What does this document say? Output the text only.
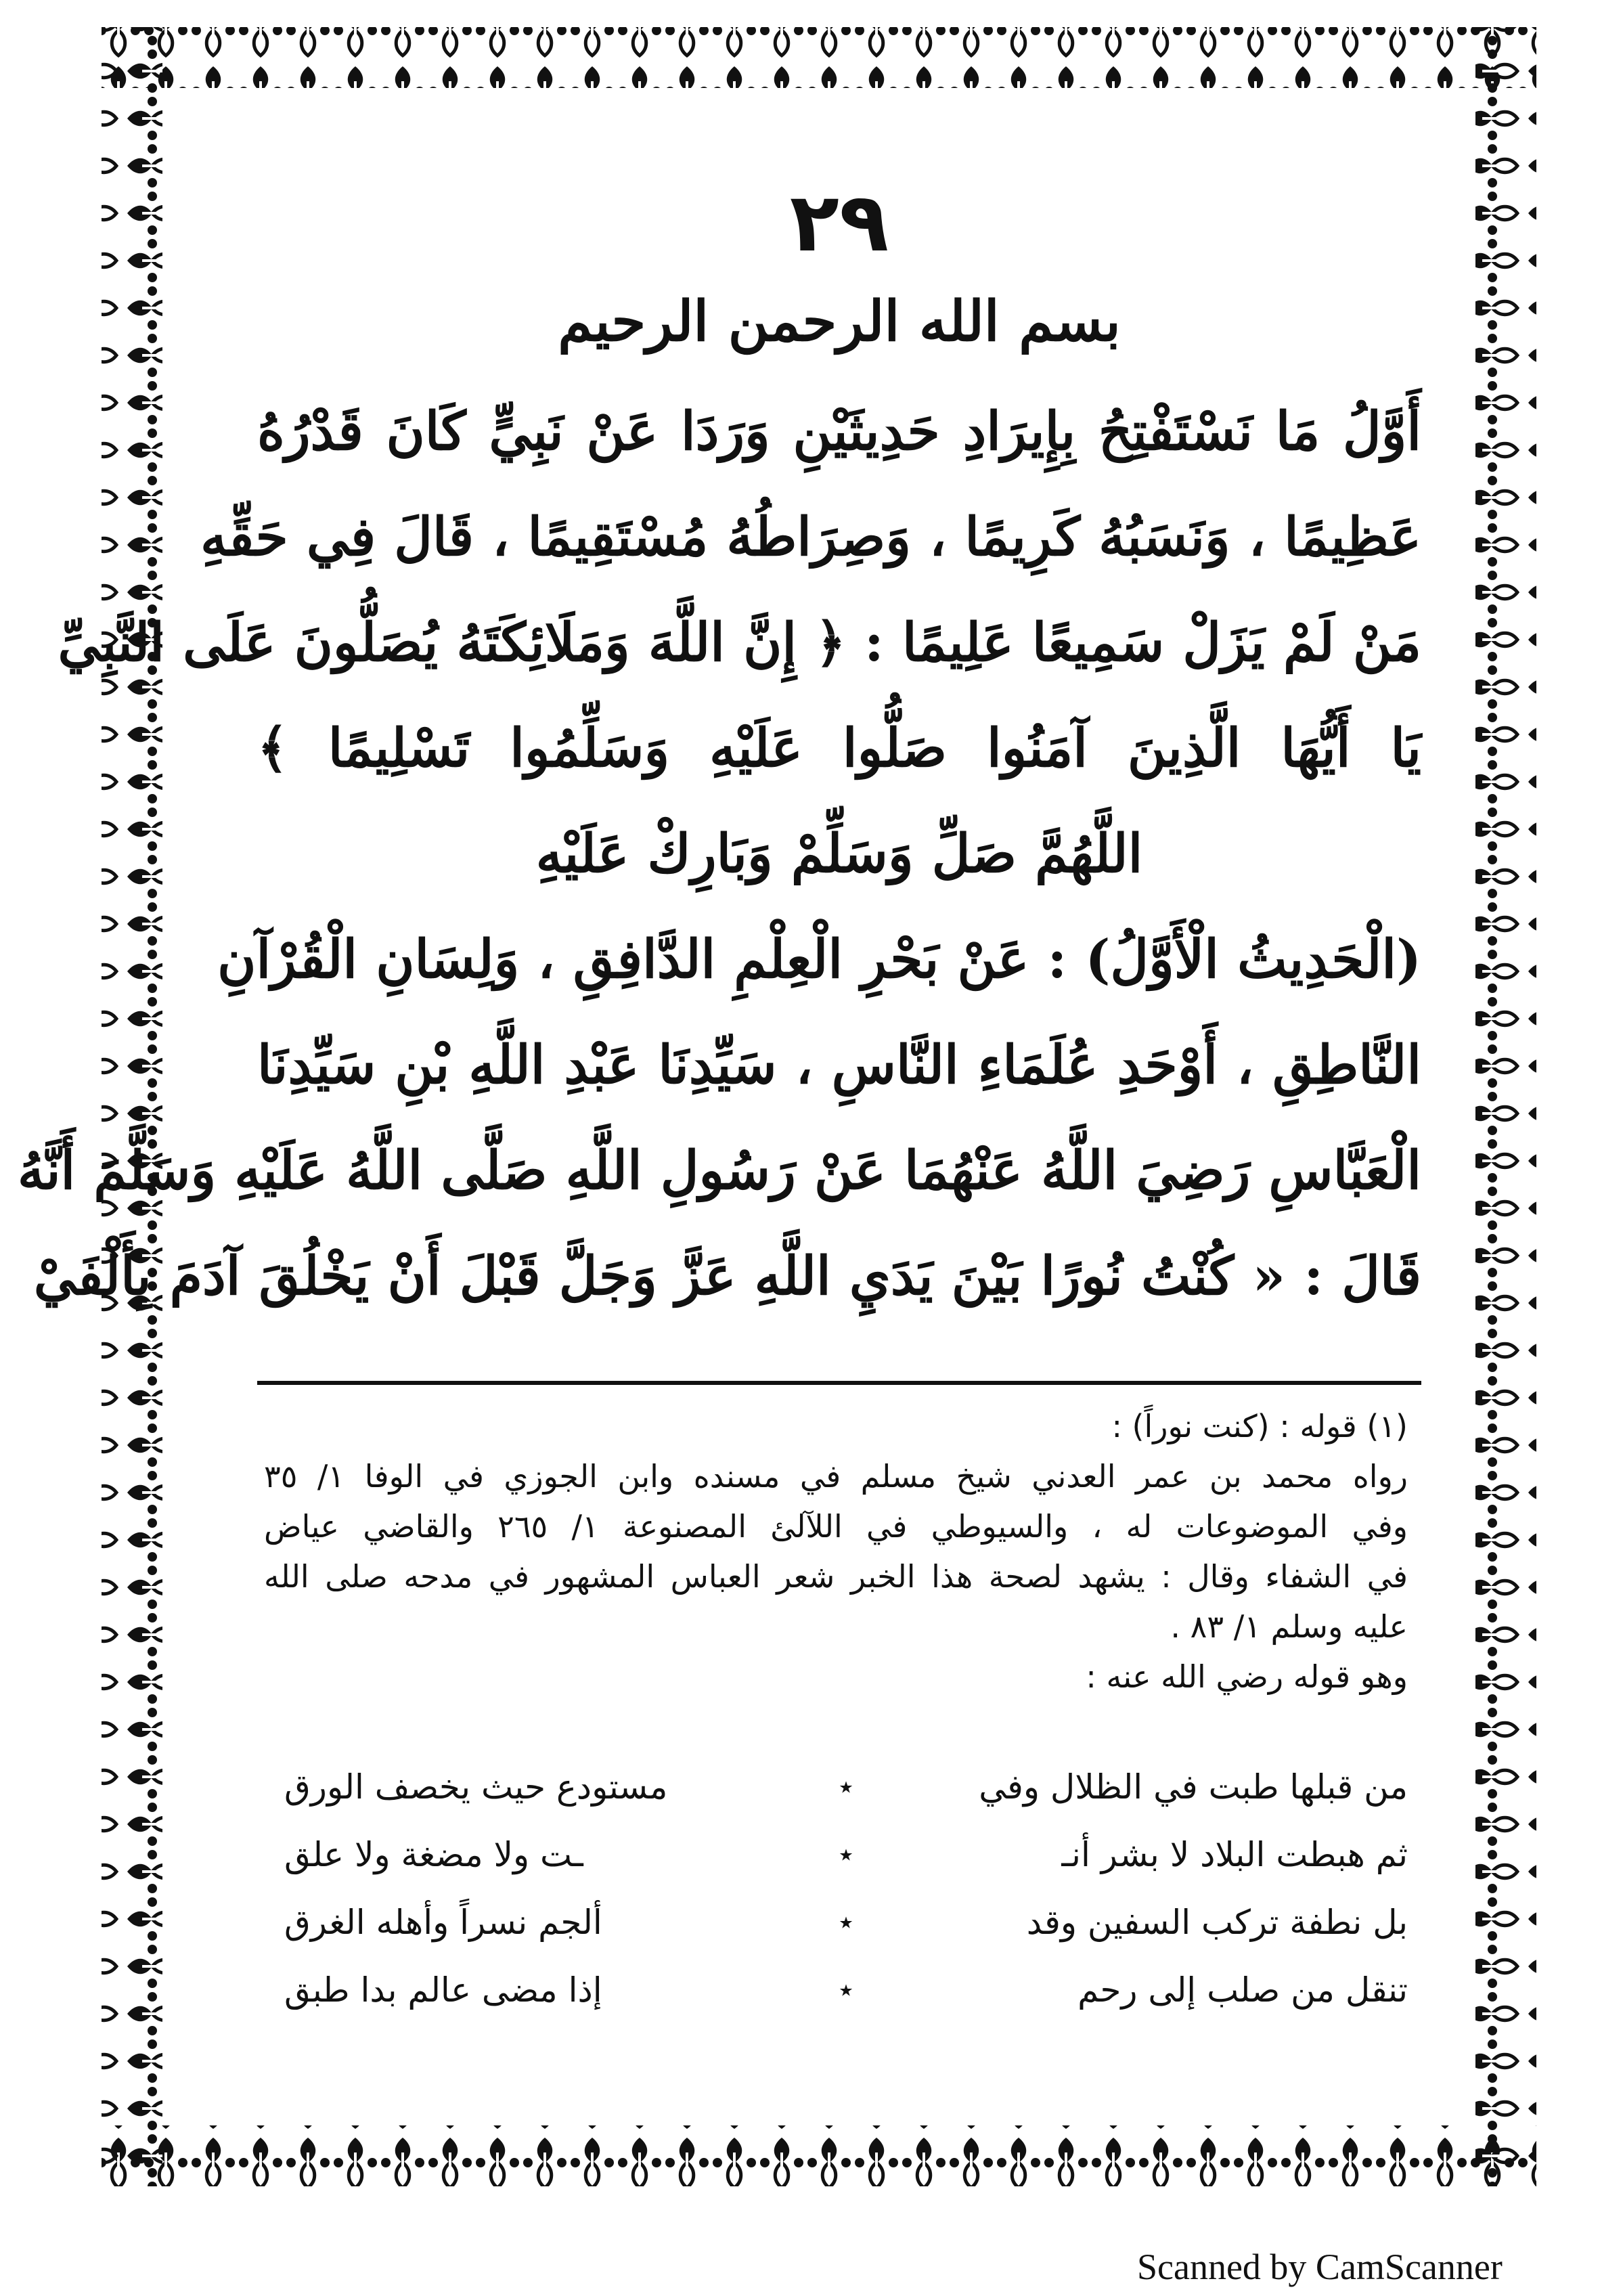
٢٩
بسم الله الرحمن الرحيم
أَوَّلُ مَا نَسْتَفْتِحُ بِإِيرَادِ حَدِيثَيْنِ وَرَدَا عَنْ نَبِيٍّ كَانَ قَدْرُهُ
عَظِيمًا ، وَنَسَبُهُ كَرِيمًا ، وَصِرَاطُهُ مُسْتَقِيمًا ، قَالَ فِي حَقِّهِ
مَنْ لَمْ يَزَلْ سَمِيعًا عَلِيمًا : ﴿ إِنَّ اللَّهَ وَمَلَائِكَتَهُ يُصَلُّونَ عَلَى النَّبِيِّ
يَا أَيُّهَا الَّذِينَ آمَنُوا صَلُّوا عَلَيْهِ وَسَلِّمُوا تَسْلِيمًا ﴾
اللَّهُمَّ صَلِّ وَسَلِّمْ وَبَارِكْ عَلَيْهِ
(الْحَدِيثُ الْأَوَّلُ) : عَنْ بَحْرِ الْعِلْمِ الدَّافِقِ ، وَلِسَانِ الْقُرْآنِ
النَّاطِقِ ، أَوْحَدِ عُلَمَاءِ النَّاسِ ، سَيِّدِنَا عَبْدِ اللَّهِ بْنِ سَيِّدِنَا
الْعَبَّاسِ رَضِيَ اللَّهُ عَنْهُمَا عَنْ رَسُولِ اللَّهِ صَلَّى اللَّهُ عَلَيْهِ وَسَلَّمَ أَنَّهُ
قَالَ : « كُنْتُ نُورًا بَيْنَ يَدَيِ اللَّهِ عَزَّ وَجَلَّ قَبْلَ أَنْ يَخْلُقَ آدَمَ بِأَلْفَيْ
(١) قوله : (كنت نوراً) :
رواه محمد بن عمر العدني شيخ مسلم في مسنده وابن الجوزي في الوفا ١/ ٣٥
وفي الموضوعات له ، والسيوطي في اللآلئ المصنوعة ١/ ٢٦٥ والقاضي عياض
في الشفاء وقال : يشهد لصحة هذا الخبر شعر العباس المشهور في مدحه صلى الله
عليه وسلم ١/ ٨٣ .
وهو قوله رضي الله عنه :
من قبلها طبت في الظلال وفي
٭
مستودع حيث يخصف الورق
ثم هبطت البلاد لا بشر أنـ
٭
ـت ولا مضغة ولا علق
بل نطفة تركب السفين وقد
٭
ألجم نسراً وأهله الغرق
تنقل من صلب إلى رحم
٭
إذا مضى عالم بدا طبق
Scanned by CamScanner
